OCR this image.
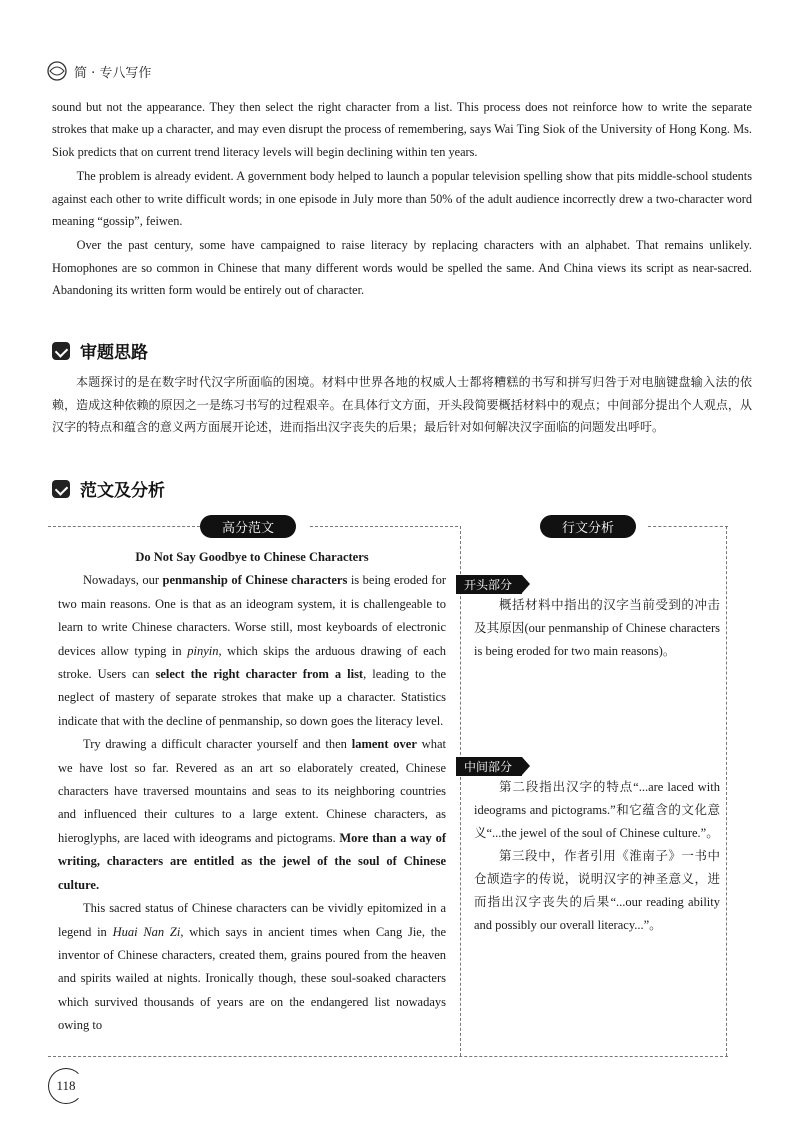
简 · 专八写作

sound but not the appearance. They then select the right character from a list. This process does not reinforce how to write the separate strokes that make up a character, and may even disrupt the process of remembering, says Wai Ting Siok of the University of Hong Kong. Ms. Siok predicts that on current trend literacy levels will begin declining within ten years.

The problem is already evident. A government body helped to launch a popular television spelling show that pits middle-school students against each other to write difficult words; in one episode in July more than 50% of the adult audience incorrectly drew a two-character word meaning “gossip”, feiwen.

Over the past century, some have campaigned to raise literacy by replacing characters with an alphabet. That remains unlikely. Homophones are so common in Chinese that many different words would be spelled the same. And China views its script as near-sacred. Abandoning its written form would be entirely out of character.

审题思路
本题探讨的是在数字时代汉字所面临的困境。材料中世界各地的权威人士都将糟糕的书写和拼写归咎于对电脑键盘输入法的依赖，造成这种依赖的原因之一是练习书写的过程艰辛。在具体行文方面，开头段简要概括材料中的观点；中间部分提出个人观点，从汉字的特点和蕴含的意义两方面展开论述，进而指出汉字丧失的后果；最后针对如何解决汉字面临的问题发出呼吁。
范文及分析
高分范文	行文分析
Do Not Say Goodbye to Chinese Characters

Nowadays, our penmanship of Chinese characters is being eroded for two main reasons. One is that as an ideogram system, it is challengeable to learn to write Chinese characters. Worse still, most keyboards of electronic devices allow typing in pinyin, which skips the arduous drawing of each stroke. Users can select the right character from a list, leading to the neglect of mastery of separate strokes that make up a character. Statistics indicate that with the decline of penmanship, so down goes the literacy level.

Try drawing a difficult character yourself and then lament over what we have lost so far. Revered as an art so elaborately created, Chinese characters have traversed mountains and seas to its neighboring countries and influenced their cultures to a large extent. Chinese characters, as hieroglyphs, are laced with ideograms and pictograms. More than a way of writing, characters are entitled as the jewel of the soul of Chinese culture.

This sacred status of Chinese characters can be vividly epitomized in a legend in Huai Nan Zi, which says in ancient times when Cang Jie, the inventor of Chinese characters, created them, grains poured from the heaven and spirits wailed at nights. Ironically though, these soul-soaked characters which survived thousands of years are on the endangered list nowadays owing to

开头部分

概括材料中指出的汉字当前受到的冲击及其原因(our penmanship of Chinese characters is being eroded for two main reasons)。

中间部分

第二段指出汉字的特点“...are laced with ideograms and pictograms.”和它蕴含的文化意义“...the jewel of the soul of Chinese culture.”。

第三段中，作者引用《淮南子》一书中仓颉造字的传说，说明汉字的神圣意义，进而指出汉字丧失的后果“...our reading ability and possibly our overall literacy...”。

118
